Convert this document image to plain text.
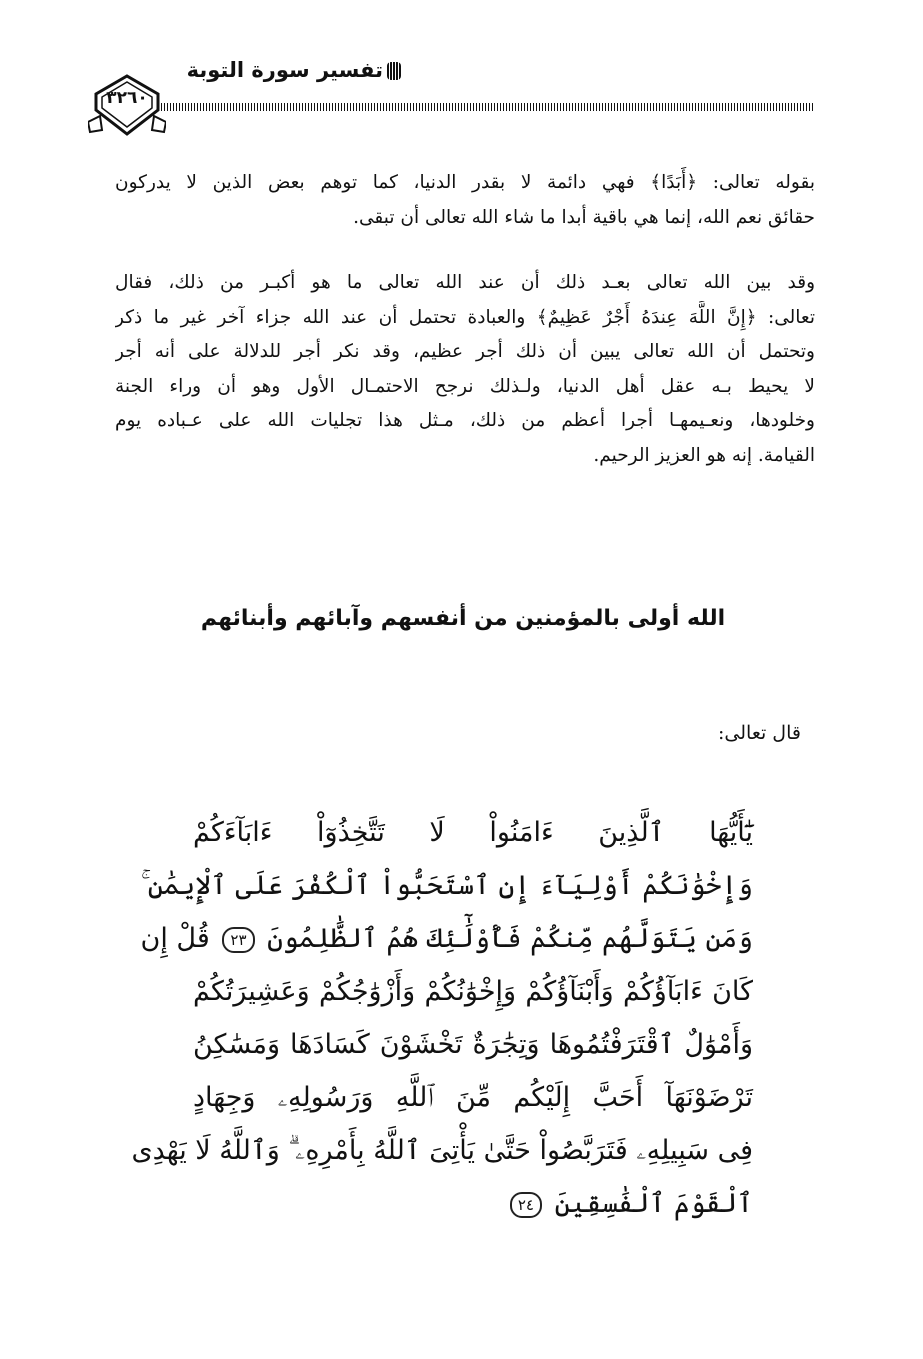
تفسير سورة التوبة
٣٢٦٠
بقوله تعالى: ﴿أَبَدًا﴾ فهي دائمة لا بقدر الدنيا، كما توهم بعض الذين لا يدركون
حقائق نعم الله، إنما هي باقية أبدا ما شاء الله تعالى أن تبقى.
وقد بين الله تعالى بعـد ذلك أن عند الله تعالى ما هو أكبـر من ذلك، فقال
تعالى: ﴿إِنَّ اللَّهَ عِندَهُ أَجْرٌ عَظِيمٌ﴾ والعبادة تحتمل أن عند الله جزاء آخر غير ما ذكر
وتحتمل أن الله تعالى يبين أن ذلك أجر عظيم، وقد نكر أجر للدلالة على أنه أجر
لا يحيط بـه عقل أهل الدنيا، ولـذلك نرجح الاحتمـال الأول وهو أن وراء الجنة
وخلودها، ونعـيمهـا أجرا أعظم من ذلك، مـثل هذا تجليات الله على عـباده يوم
القيامة. إنه هو العزيز الرحيم.
الله أولى بالمؤمنين من أنفسهم وآبائهم وأبنائهم
قال تعالى:
يَٰٓأَيُّهَا ٱلَّذِينَ ءَامَنُواْ لَا تَتَّخِذُوٓاْ ءَابَآءَكُمْ
وَإِخْوَٰنَكُمْ أَوْلِيَآءَ إِنِ ٱسْتَحَبُّواْ ٱلْكُفْرَ عَلَى ٱلْإِيمَٰنِ ۚ
وَمَن يَتَوَلَّهُم مِّنكُمْ فَأُوْلَٰٓئِكَ هُمُ ٱلظَّٰلِمُونَ ٢٣ قُلْ إِن
كَانَ ءَابَآؤُكُمْ وَأَبْنَآؤُكُمْ وَإِخْوَٰنُكُمْ وَأَزْوَٰجُكُمْ وَعَشِيرَتُكُمْ
وَأَمْوَٰلٌ ٱقْتَرَفْتُمُوهَا وَتِجَٰرَةٌ تَخْشَوْنَ كَسَادَهَا وَمَسَٰكِنُ
تَرْضَوْنَهَآ أَحَبَّ إِلَيْكُم مِّنَ ٱللَّهِ وَرَسُولِهِۦ وَجِهَادٍ
فِى سَبِيلِهِۦ فَتَرَبَّصُواْ حَتَّىٰ يَأْتِىَ ٱللَّهُ بِأَمْرِهِۦ ۗ وَٱللَّهُ لَا يَهْدِى
ٱلْقَوْمَ ٱلْفَٰسِقِينَ ٢٤
